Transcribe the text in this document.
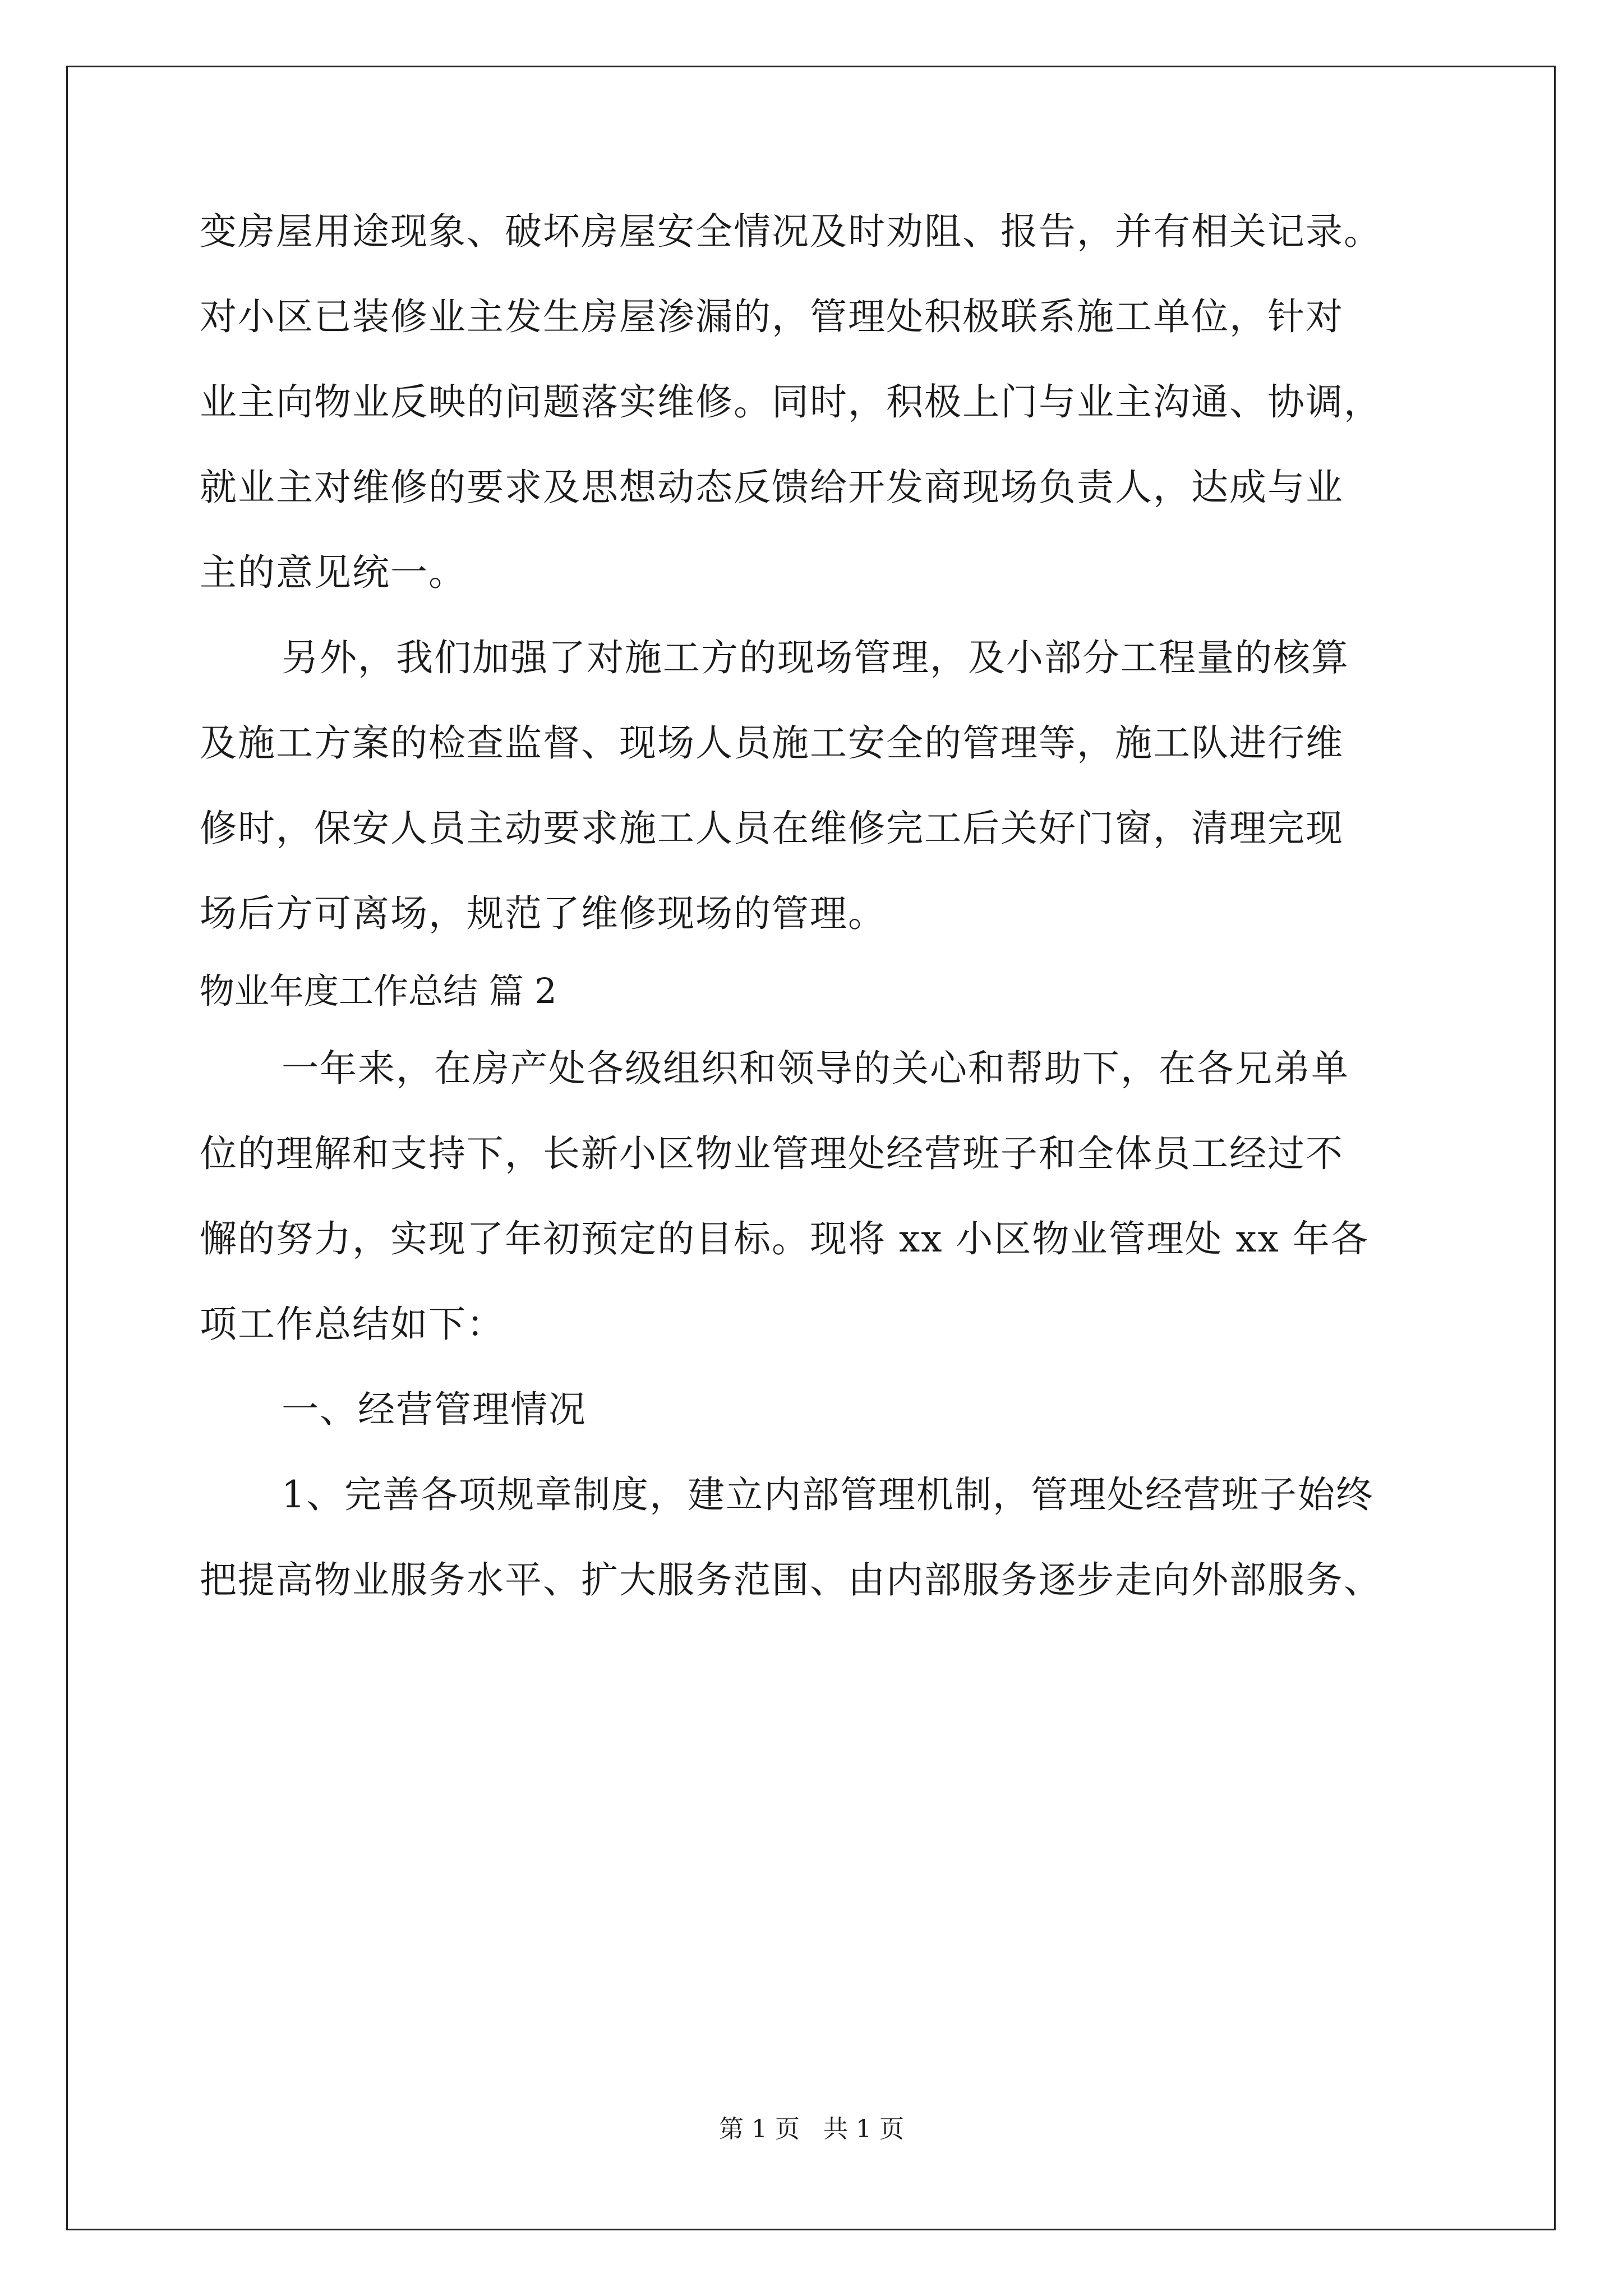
变房屋用途现象、破坏房屋安全情况及时劝阻、报告，并有相关记录。
对小区已装修业主发生房屋渗漏的，管理处积极联系施工单位，针对
业主向物业反映的问题落实维修。同时，积极上门与业主沟通、协调，
就业主对维修的要求及思想动态反馈给开发商现场负责人，达成与业
主的意见统一。
另外，我们加强了对施工方的现场管理，及小部分工程量的核算
及施工方案的检查监督、现场人员施工安全的管理等，施工队进行维
修时，保安人员主动要求施工人员在维修完工后关好门窗，清理完现
场后方可离场，规范了维修现场的管理。
物业年度工作总结 篇 2
一年来，在房产处各级组织和领导的关心和帮助下，在各兄弟单
位的理解和支持下，长新小区物业管理处经营班子和全体员工经过不
懈的努力，实现了年初预定的目标。现将 xx 小区物业管理处 xx 年各
项工作总结如下：
一、经营管理情况
1、完善各项规章制度，建立内部管理机制，管理处经营班子始终
把提高物业服务水平、扩大服务范围、由内部服务逐步走向外部服务、
第 1 页   共 1 页
